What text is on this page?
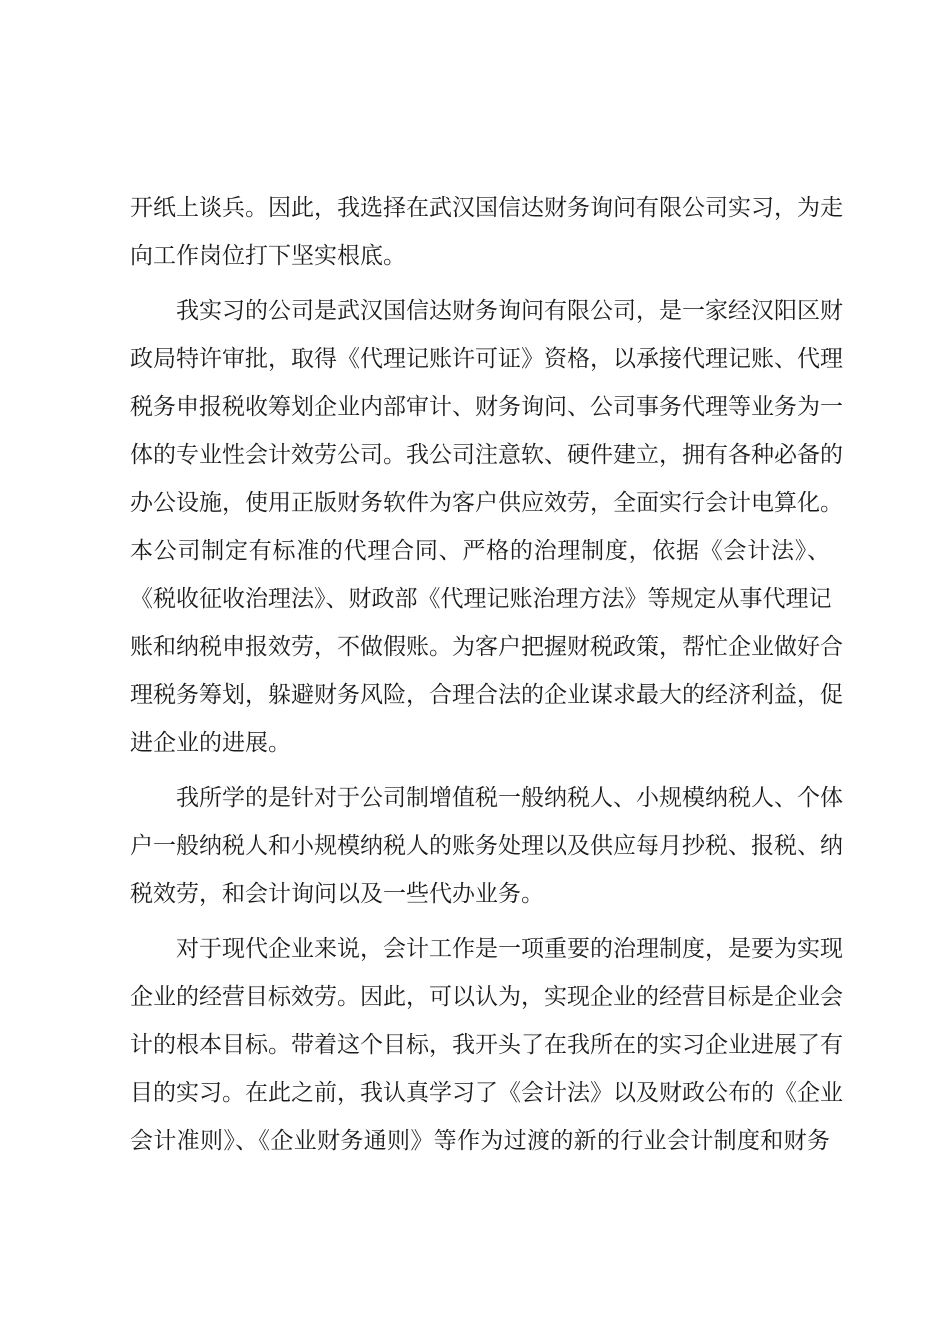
开纸上谈兵。因此，我选择在武汉国信达财务询问有限公司实习，为走
向工作岗位打下坚实根底。
我实习的公司是武汉国信达财务询问有限公司，是一家经汉阳区财
政局特许审批，取得《代理记账许可证》资格，以承接代理记账、代理
税务申报税收筹划企业内部审计、财务询问、公司事务代理等业务为一
体的专业性会计效劳公司。我公司注意软、硬件建立，拥有各种必备的
办公设施，使用正版财务软件为客户供应效劳，全面实行会计电算化。
本公司制定有标准的代理合同、严格的治理制度，依据《会计法》、
《税收征收治理法》、财政部《代理记账治理方法》等规定从事代理记
账和纳税申报效劳，不做假账。为客户把握财税政策，帮忙企业做好合
理税务筹划，躲避财务风险，合理合法的企业谋求最大的经济利益，促
进企业的进展。
我所学的是针对于公司制增值税一般纳税人、小规模纳税人、个体
户一般纳税人和小规模纳税人的账务处理以及供应每月抄税、报税、纳
税效劳，和会计询问以及一些代办业务。
对于现代企业来说，会计工作是一项重要的治理制度，是要为实现
企业的经营目标效劳。因此，可以认为，实现企业的经营目标是企业会
计的根本目标。带着这个目标，我开头了在我所在的实习企业进展了有
目的实习。在此之前，我认真学习了《会计法》以及财政公布的《企业
会计准则》、《企业财务通则》等作为过渡的新的行业会计制度和财务
